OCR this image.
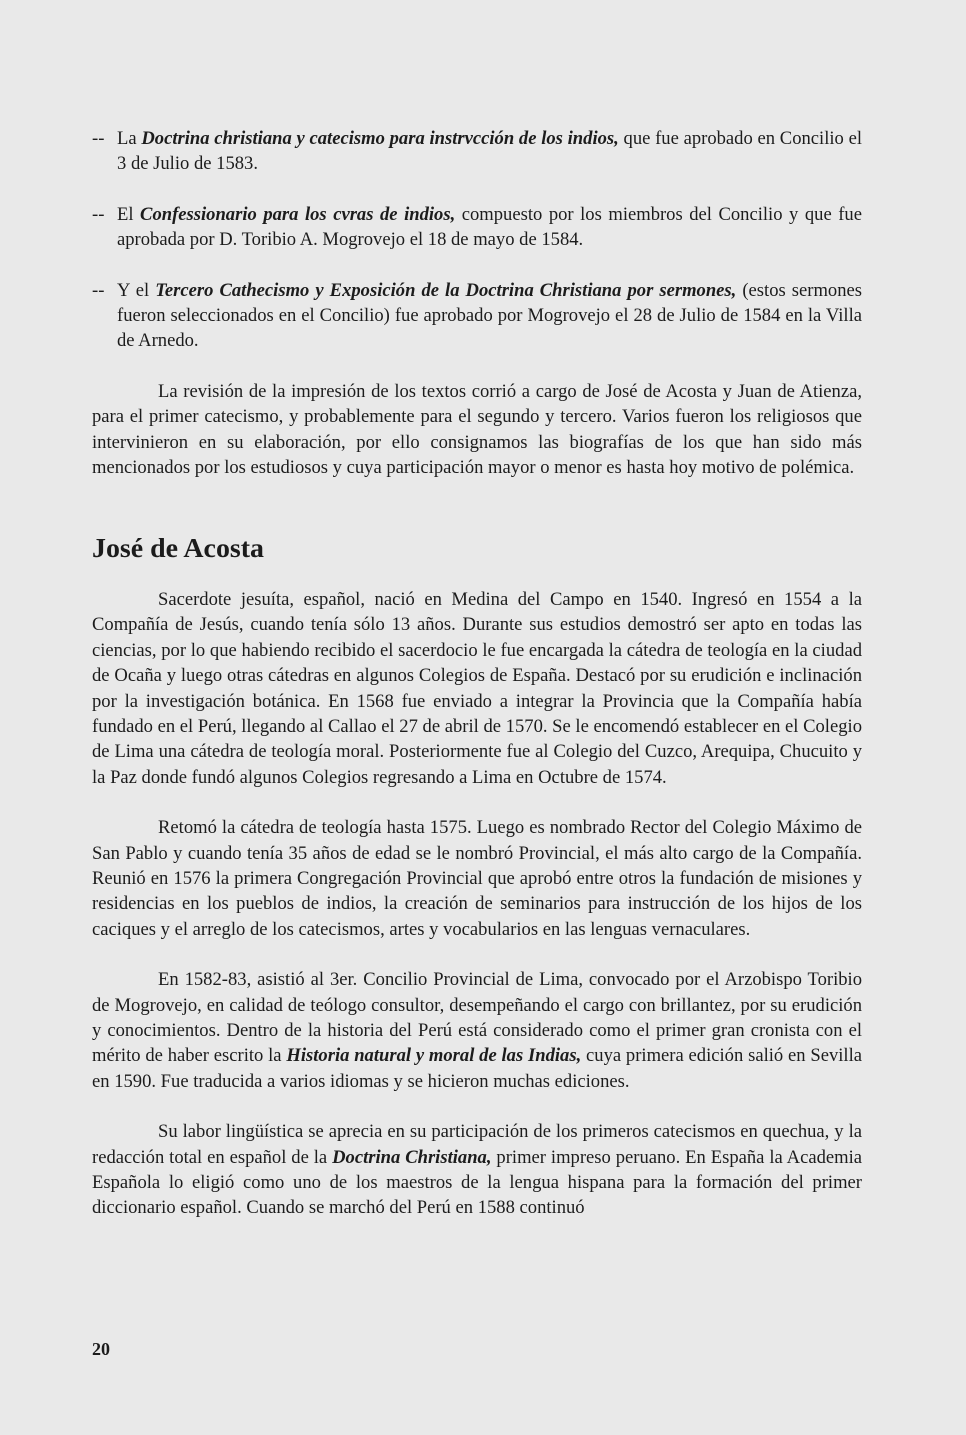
-- La Doctrina christiana y catecismo para instrvcción de los indios, que fue aprobado en Concilio el 3 de Julio de 1583.

-- El Confessionario para los cvras de indios, compuesto por los miembros del Concilio y que fue aprobada por D. Toribio A. Mogrovejo el 18 de mayo de 1584.

-- Y el Tercero Cathecismo y Exposición de la Doctrina Christiana por sermones, (estos sermones fueron seleccionados en el Concilio) fue aprobado por Mogrovejo el 28 de Julio de 1584 en la Villa de Arnedo.

La revisión de la impresión de los textos corrió a cargo de José de Acosta y Juan de Atienza, para el primer catecismo, y probablemente para el segundo y tercero. Varios fueron los religiosos que intervinieron en su elaboración, por ello consignamos las biografías de los que han sido más mencionados por los estudiosos y cuya participación mayor o menor es hasta hoy motivo de polémica.

José de Acosta

Sacerdote jesuíta, español, nació en Medina del Campo en 1540. Ingresó en 1554 a la Compañía de Jesús, cuando tenía sólo 13 años. Durante sus estudios demostró ser apto en todas las ciencias, por lo que habiendo recibido el sacerdocio le fue encargada la cátedra de teología en la ciudad de Ocaña y luego otras cátedras en algunos Colegios de España. Destacó por su erudición e inclinación por la investigación botánica. En 1568 fue enviado a integrar la Provincia que la Compañía había fundado en el Perú, llegando al Callao el 27 de abril de 1570. Se le encomendó establecer en el Colegio de Lima una cátedra de teología moral. Posteriormente fue al Colegio del Cuzco, Arequipa, Chucuito y la Paz donde fundó algunos Colegios regresando a Lima en Octubre de 1574.

Retomó la cátedra de teología hasta 1575. Luego es nombrado Rector del Colegio Máximo de San Pablo y cuando tenía 35 años de edad se le nombró Provincial, el más alto cargo de la Compañía. Reunió en 1576 la primera Congregación Provincial que aprobó entre otros la fundación de misiones y residencias en los pueblos de indios, la creación de seminarios para instrucción de los hijos de los caciques y el arreglo de los catecismos, artes y vocabularios en las lenguas vernaculares.

En 1582-83, asistió al 3er. Concilio Provincial de Lima, convocado por el Arzobispo Toribio de Mogrovejo, en calidad de teólogo consultor, desempeñando el cargo con brillantez, por su erudición y conocimientos. Dentro de la historia del Perú está considerado como el primer gran cronista con el mérito de haber escrito la Historia natural y moral de las Indias, cuya primera edición salió en Sevilla en 1590. Fue traducida a varios idiomas y se hicieron muchas ediciones.

Su labor lingüística se aprecia en su participación de los primeros catecismos en quechua, y la redacción total en español de la Doctrina Christiana, primer impreso peruano. En España la Academia Española lo eligió como uno de los maestros de la lengua hispana para la formación del primer diccionario español. Cuando se marchó del Perú en 1588 continuó

20
